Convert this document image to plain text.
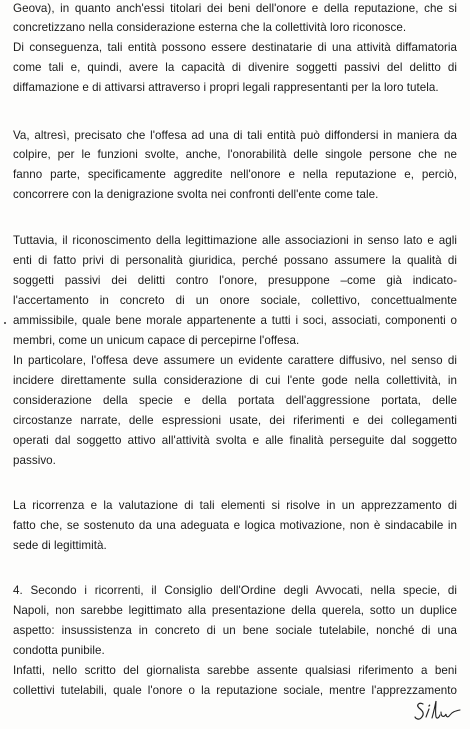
Geova), in quanto anch'essi titolari dei beni dell'onore e della reputazione, che si
concretizzano nella considerazione esterna che la collettività loro riconosce.
Di conseguenza, tali entità possono essere destinatarie di una attività diffamatoria
come tali e, quindi, avere la capacità di divenire soggetti passivi del delitto di
diffamazione e di attivarsi attraverso i propri legali rappresentanti per la loro tutela.
Va, altresì, precisato che l'offesa ad una di tali entità può diffondersi in maniera da
colpire, per le funzioni svolte, anche, l'onorabilità delle singole persone che ne
fanno parte, specificamente aggredite nell'onore e nella reputazione e, perciò,
concorrere con la denigrazione svolta nei confronti dell'ente come tale.
Tuttavia, il riconoscimento della legittimazione alle associazioni in senso lato e agli
enti di fatto privi di personalità giuridica, perché possano assumere la qualità di
soggetti passivi dei delitti contro l'onore, presuppone –come già indicato-
l'accertamento in concreto di un onore sociale, collettivo, concettualmente
ammissibile, quale bene morale appartenente a tutti i soci, associati, componenti o
membri, come un unicum capace di percepirne l'offesa.
In particolare, l'offesa deve assumere un evidente carattere diffusivo, nel senso di
incidere direttamente sulla considerazione di cui l'ente gode nella collettività, in
considerazione della specie e della portata dell'aggressione portata, delle
circostanze narrate, delle espressioni usate, dei riferimenti e dei collegamenti
operati dal soggetto attivo all'attività svolta e alle finalità perseguite dal soggetto
passivo.
La ricorrenza e la valutazione di tali elementi si risolve in un apprezzamento di
fatto che, se sostenuto da una adeguata e logica motivazione, non è sindacabile in
sede di legittimità.
4. Secondo i ricorrenti, il Consiglio dell'Ordine degli Avvocati, nella specie, di
Napoli, non sarebbe legittimato alla presentazione della querela, sotto un duplice
aspetto: insussistenza in concreto di un bene sociale tutelabile, nonché di una
condotta punibile.
Infatti, nello scritto del giornalista sarebbe assente qualsiasi riferimento a beni
collettivi tutelabili, quale l'onore o la reputazione sociale, mentre l'apprezzamento
